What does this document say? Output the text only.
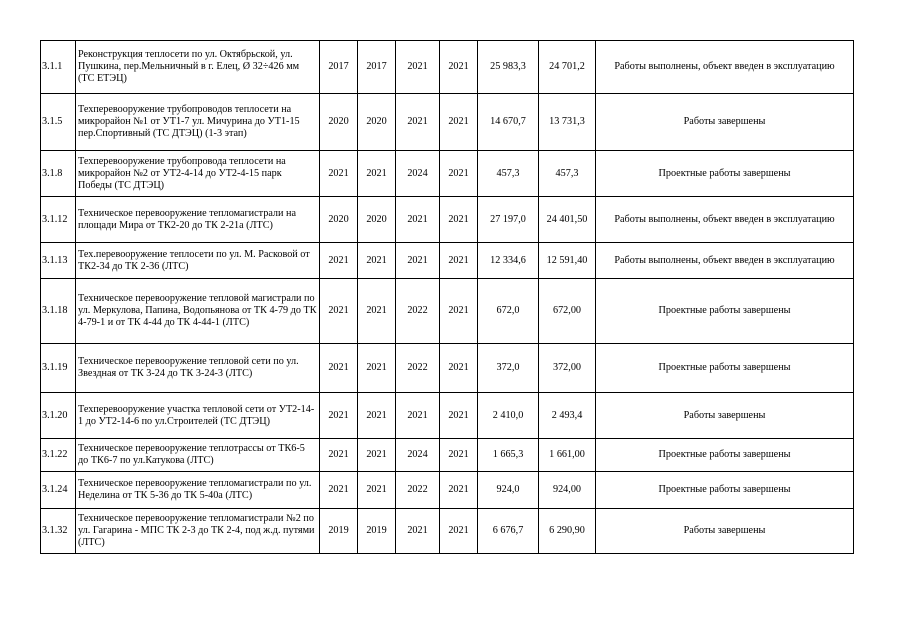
3.1.1	Реконструкция теплосети по ул. Октябрьской, ул. Пушкина, пер.Мельничный в г. Елец, Ø 32÷426 мм (ТС ЕТЭЦ)	2017	2017	2021	2021	25 983,3	24 701,2	Работы выполнены, объект введен в эксплуатацию
3.1.5	Техперевооружение трубопроводов теплосети на микрорайон №1 от УТ1-7 ул. Мичурина до УТ1-15 пер.Спортивный (ТС ДТЭЦ) (1-3 этап)	2020	2020	2021	2021	14 670,7	13 731,3	Работы завершены
3.1.8	Техперевооружение трубопровода теплосети на микрорайон №2 от УТ2-4-14 до УТ2-4-15 парк Победы (ТС ДТЭЦ)	2021	2021	2024	2021	457,3	457,3	Проектные работы завершены
3.1.12	Техническое перевооружение тепломагистрали на площади Мира от ТК2-20 до ТК 2-21а (ЛТС)	2020	2020	2021	2021	27 197,0	24 401,50	Работы выполнены, объект введен в эксплуатацию
3.1.13	Тех.перевооружение теплосети по ул. М. Расковой от ТК2-34 до ТК 2-36 (ЛТС)	2021	2021	2021	2021	12 334,6	12 591,40	Работы выполнены, объект введен в эксплуатацию
3.1.18	Техническое перевооружение тепловой магистрали по ул. Меркулова, Папина, Водопьянова от ТК 4-79 до ТК 4-79-1 и от ТК 4-44 до ТК 4-44-1 (ЛТС)	2021	2021	2022	2021	672,0	672,00	Проектные работы завершены
3.1.19	Техническое перевооружение тепловой сети по ул. Звездная от ТК 3-24 до ТК 3-24-3 (ЛТС)	2021	2021	2022	2021	372,0	372,00	Проектные работы завершены
3.1.20	Техперевооружение участка тепловой сети от УТ2-14-1 до УТ2-14-6 по ул.Строителей (ТС ДТЭЦ)	2021	2021	2021	2021	2 410,0	2 493,4	Работы завершены
3.1.22	Техническое перевооружение теплотрассы от ТК6-5 до ТК6-7 по ул.Катукова (ЛТС)	2021	2021	2024	2021	1 665,3	1 661,00	Проектные работы завершены
3.1.24	Техническое перевооружение тепломагистрали по ул. Неделина от ТК 5-36 до ТК 5-40а (ЛТС)	2021	2021	2022	2021	924,0	924,00	Проектные работы завершены
3.1.32	Техническое перевооружение тепломагистрали №2 по ул. Гагарина - МПС ТК 2-3 до ТК 2-4, под ж.д. путями (ЛТС)	2019	2019	2021	2021	6 676,7	6 290,90	Работы завершены
